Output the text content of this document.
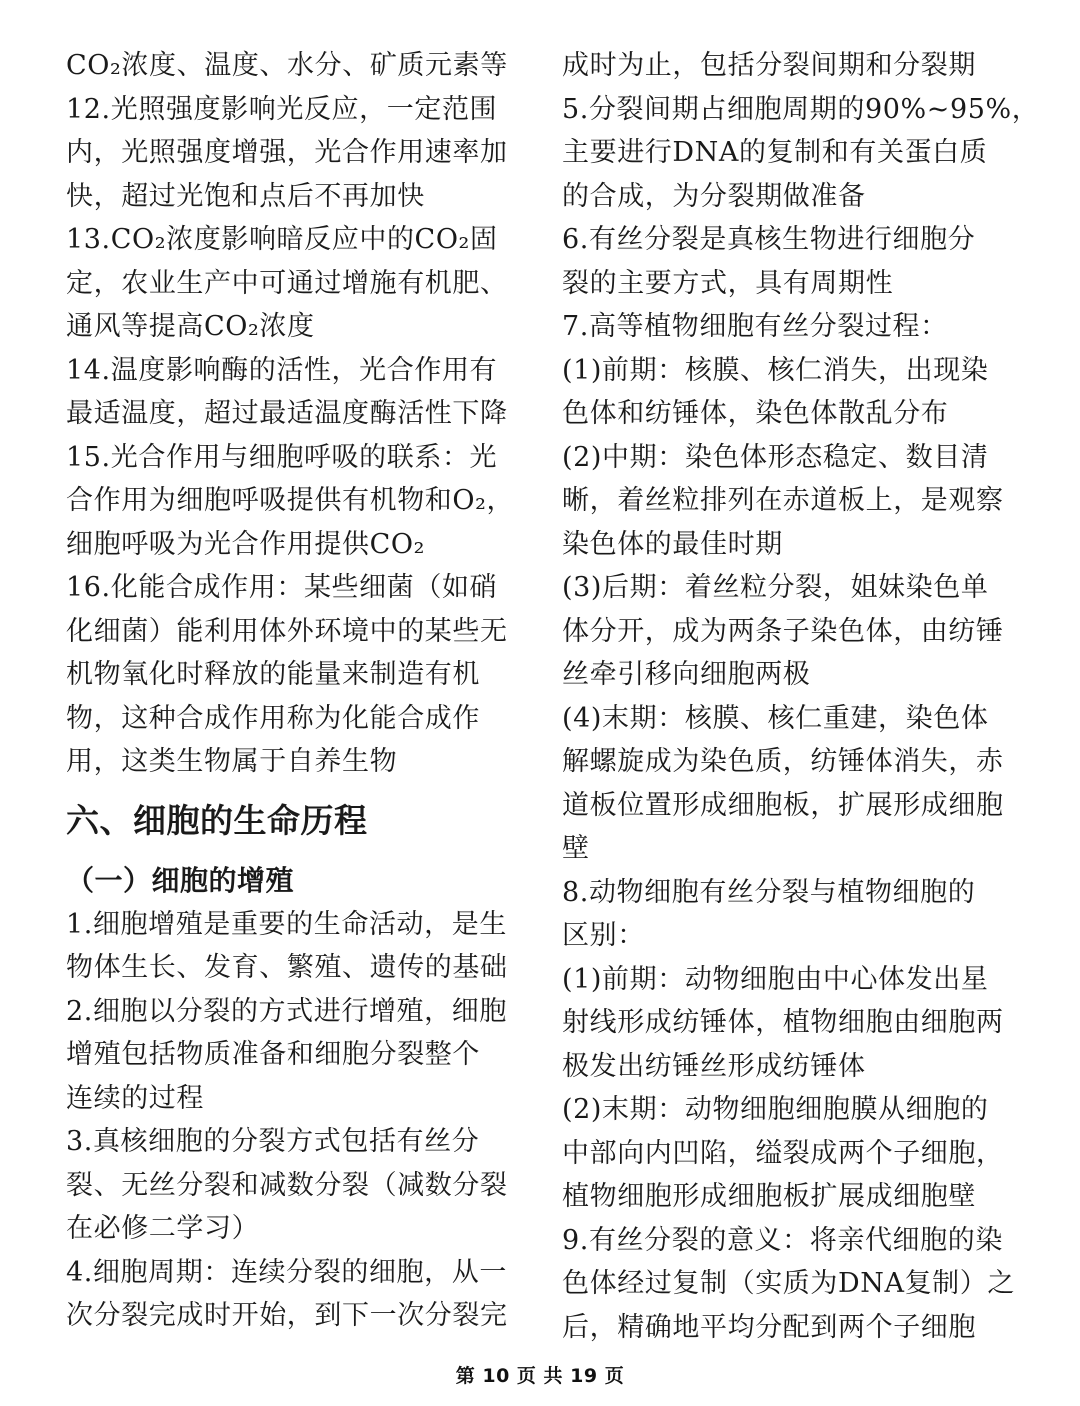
CO₂浓度、温度、水分、矿质元素等
12.光照强度影响光反应，一定范围
内，光照强度增强，光合作用速率加
快，超过光饱和点后不再加快
13.CO₂浓度影响暗反应中的CO₂固
定，农业生产中可通过增施有机肥、
通风等提高CO₂浓度
14.温度影响酶的活性，光合作用有
最适温度，超过最适温度酶活性下降
15.光合作用与细胞呼吸的联系：光
合作用为细胞呼吸提供有机物和O₂，
细胞呼吸为光合作用提供CO₂
16.化能合成作用：某些细菌（如硝
化细菌）能利用体外环境中的某些无
机物氧化时释放的能量来制造有机
物，这种合成作用称为化能合成作
用，这类生物属于自养生物
六、细胞的生命历程
（一）细胞的增殖
1.细胞增殖是重要的生命活动，是生
物体生长、发育、繁殖、遗传的基础
2.细胞以分裂的方式进行增殖，细胞
增殖包括物质准备和细胞分裂整个
连续的过程
3.真核细胞的分裂方式包括有丝分
裂、无丝分裂和减数分裂（减数分裂
在必修二学习）
4.细胞周期：连续分裂的细胞，从一
次分裂完成时开始，到下一次分裂完
成时为止，包括分裂间期和分裂期
5.分裂间期占细胞周期的90%~95%，
主要进行DNA的复制和有关蛋白质
的合成，为分裂期做准备
6.有丝分裂是真核生物进行细胞分
裂的主要方式，具有周期性
7.高等植物细胞有丝分裂过程：
(1)前期：核膜、核仁消失，出现染
色体和纺锤体，染色体散乱分布
(2)中期：染色体形态稳定、数目清
晰，着丝粒排列在赤道板上，是观察
染色体的最佳时期
(3)后期：着丝粒分裂，姐妹染色单
体分开，成为两条子染色体，由纺锤
丝牵引移向细胞两极
(4)末期：核膜、核仁重建，染色体
解螺旋成为染色质，纺锤体消失，赤
道板位置形成细胞板，扩展形成细胞
壁
8.动物细胞有丝分裂与植物细胞的
区别：
(1)前期：动物细胞由中心体发出星
射线形成纺锤体，植物细胞由细胞两
极发出纺锤丝形成纺锤体
(2)末期：动物细胞细胞膜从细胞的
中部向内凹陷，缢裂成两个子细胞，
植物细胞形成细胞板扩展成细胞壁
9.有丝分裂的意义：将亲代细胞的染
色体经过复制（实质为DNA复制）之
后，精确地平均分配到两个子细胞
第 10 页 共 19 页
